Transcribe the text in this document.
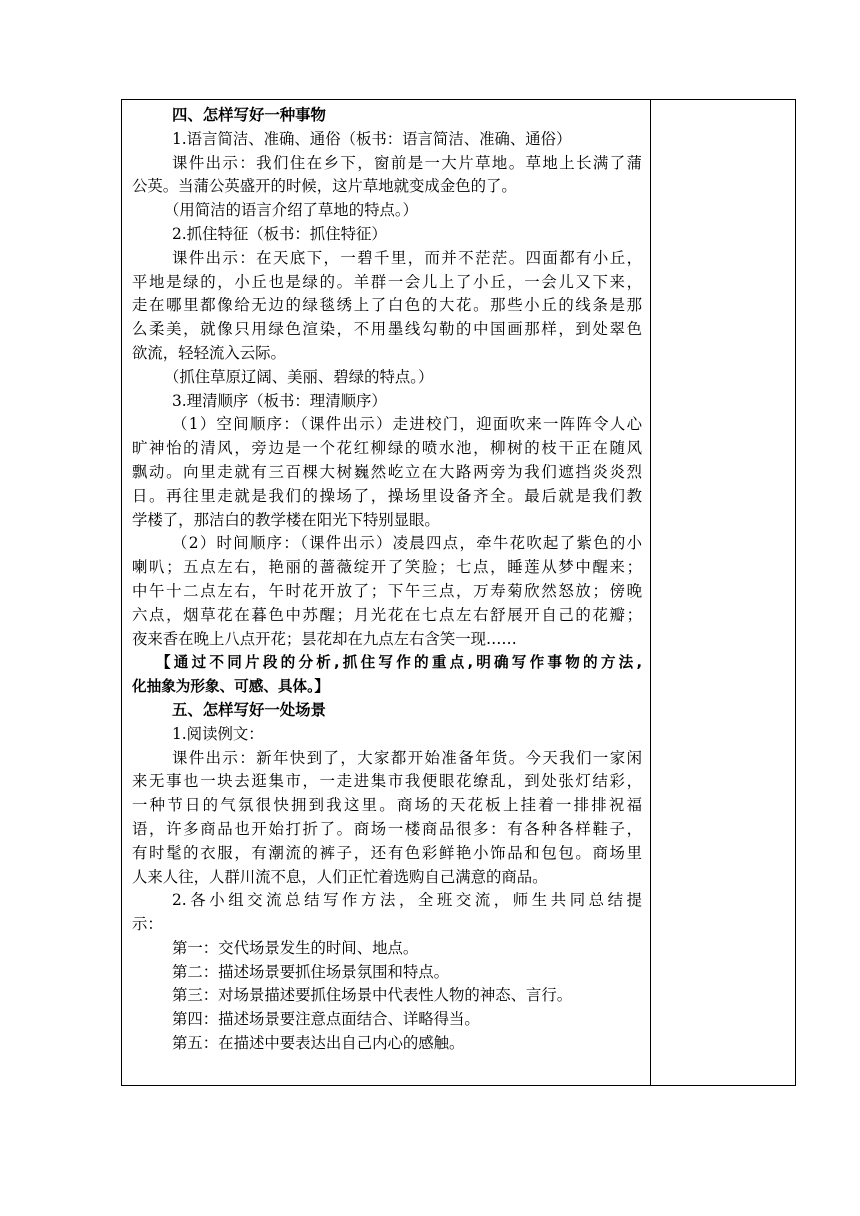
四、怎样写好一种事物
1.语言简洁、准确、通俗（板书：语言简洁、准确、通俗）
课件出示：我们住在乡下，窗前是一大片草地。草地上长满了蒲
公英。当蒲公英盛开的时候，这片草地就变成金色的了。
（用简洁的语言介绍了草地的特点。）
2.抓住特征（板书：抓住特征）
课件出示：在天底下，一碧千里，而并不茫茫。四面都有小丘，
平地是绿的，小丘也是绿的。羊群一会儿上了小丘，一会儿又下来，
走在哪里都像给无边的绿毯绣上了白色的大花。那些小丘的线条是那
么柔美，就像只用绿色渲染，不用墨线勾勒的中国画那样，到处翠色
欲流，轻轻流入云际。
（抓住草原辽阔、美丽、碧绿的特点。）
3.理清顺序（板书：理清顺序）
（1）空间顺序：（课件出示）走进校门，迎面吹来一阵阵令人心
旷神怡的清风，旁边是一个花红柳绿的喷水池，柳树的枝干正在随风
飘动。向里走就有三百棵大树巍然屹立在大路两旁为我们遮挡炎炎烈
日。再往里走就是我们的操场了，操场里设备齐全。最后就是我们教
学楼了，那洁白的教学楼在阳光下特别显眼。
（2）时间顺序：（课件出示）凌晨四点，牵牛花吹起了紫色的小
喇叭；五点左右，艳丽的蔷薇绽开了笑脸；七点，睡莲从梦中醒来；
中午十二点左右，午时花开放了；下午三点，万寿菊欣然怒放；傍晚
六点，烟草花在暮色中苏醒；月光花在七点左右舒展开自己的花瓣；
夜来香在晚上八点开花；昙花却在九点左右含笑一现……
【通过不同片段的分析,抓住写作的重点,明确写作事物的方法,
化抽象为形象、可感、具体。】
五、怎样写好一处场景
1.阅读例文：
课件出示：新年快到了，大家都开始准备年货。今天我们一家闲
来无事也一块去逛集市，一走进集市我便眼花缭乱，到处张灯结彩，
一种节日的气氛很快拥到我这里。商场的天花板上挂着一排排祝福
语，许多商品也开始打折了。商场一楼商品很多：有各种各样鞋子，
有时髦的衣服，有潮流的裤子，还有色彩鲜艳小饰品和包包。商场里
人来人往，人群川流不息，人们正忙着选购自己满意的商品。
2.各小组交流总结写作方法，全班交流，师生共同总结提
示：
第一：交代场景发生的时间、地点。
第二：描述场景要抓住场景氛围和特点。
第三：对场景描述要抓住场景中代表性人物的神态、言行。
第四：描述场景要注意点面结合、详略得当。
第五：在描述中要表达出自己内心的感触。
